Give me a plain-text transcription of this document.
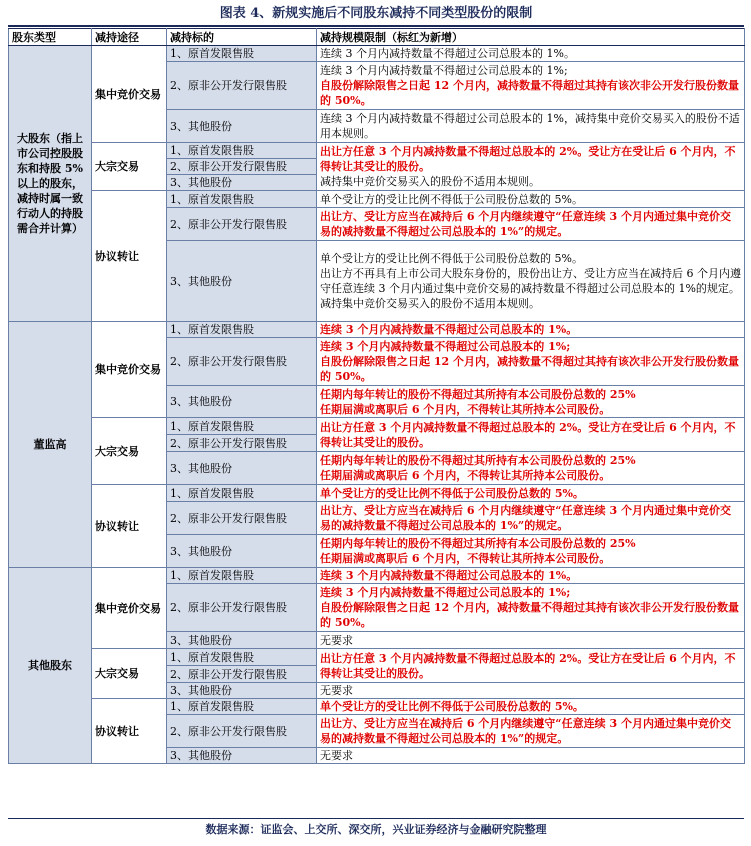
图表 4、新规实施后不同股东减持不同类型股份的限制
股东类型	减持途径	减持标的	减持规模限制（标红为新增）
大股东（指上市公司控股股东和持股 5%以上的股东，减持时属一致行动人的持股需合并计算）	集中竞价交易	1、原首发限售股	连续 3 个月内减持数量不得超过公司总股本的 1%。
		2、原非公开发行限售股	连续 3 个月内减持数量不得超过公司总股本的 1%;
自股份解除限售之日起 12 个月内，减持数量不得超过其持有该次非公开发行股份数量的 50%。

		3、其他股份	连续 3 个月内减持数量不得超过公司总股本的 1%，减持集中竞价交易买入的股份不适用本规则。
	大宗交易	1、原首发限售股	出让方任意 3 个月内减持数量不得超过总股本的 2%。受让方在受让后 6 个月内，不得转让其受让的股份。
减持集中竞价交易买入的股份不适用本规则。

		2、原非公开发行限售股	
		3、其他股份	
	协议转让	1、原首发限售股	单个受让方的受让比例不得低于公司股份总数的 5%。
		2、原非公开发行限售股	出让方、受让方应当在减持后 6 个月内继续遵守“任意连续 3 个月内通过集中竞价交易的减持数量不得超过公司总股本的 1%”的规定。
		3、其他股份	单个受让方的受让比例不得低于公司股份总数的 5%。
出让方不再具有上市公司大股东身份的，股份出让方、受让方应当在减持后 6 个月内遵守任意连续 3 个月内通过集中竞价交易的减持数量不得超过公司总股本的 1%的规定。
减持集中竞价交易买入的股份不适用本规则。

董监高	集中竞价交易	1、原首发限售股	连续 3 个月内减持数量不得超过公司总股本的 1%。
		2、原非公开发行限售股	连续 3 个月内减持数量不得超过公司总股本的 1%;
自股份解除限售之日起 12 个月内，减持数量不得超过其持有该次非公开发行股份数量的 50%。

		3、其他股份	任期内每年转让的股份不得超过其所持有本公司股份总数的 25%
任期届满或离职后 6 个月内，不得转让其所持本公司股份。

	大宗交易	1、原首发限售股	出让方任意 3 个月内减持数量不得超过总股本的 2%。受让方在受让后 6 个月内，不得转让其受让的股份。
		2、原非公开发行限售股	
		3、其他股份	任期内每年转让的股份不得超过其所持有本公司股份总数的 25%
任期届满或离职后 6 个月内，不得转让其所持本公司股份。

	协议转让	1、原首发限售股	单个受让方的受让比例不得低于公司股份总数的 5%。
		2、原非公开发行限售股	出让方、受让方应当在减持后 6 个月内继续遵守“任意连续 3 个月内通过集中竞价交易的减持数量不得超过公司总股本的 1%”的规定。
		3、其他股份	任期内每年转让的股份不得超过其所持有本公司股份总数的 25%
任期届满或离职后 6 个月内，不得转让其所持本公司股份。

其他股东	集中竞价交易	1、原首发限售股	连续 3 个月内减持数量不得超过公司总股本的 1%。
		2、原非公开发行限售股	连续 3 个月内减持数量不得超过公司总股本的 1%;
自股份解除限售之日起 12 个月内，减持数量不得超过其持有该次非公开发行股份数量的 50%。

		3、其他股份	无要求
	大宗交易	1、原首发限售股	出让方任意 3 个月内减持数量不得超过总股本的 2%。受让方在受让后 6 个月内，不得转让其受让的股份。
		2、原非公开发行限售股	
		3、其他股份	无要求
	协议转让	1、原首发限售股	单个受让方的受让比例不得低于公司股份总数的 5%。
		2、原非公开发行限售股	出让方、受让方应当在减持后 6 个月内继续遵守“任意连续 3 个月内通过集中竞价交易的减持数量不得超过公司总股本的 1%”的规定。
		3、其他股份	无要求
数据来源：证监会、上交所、深交所，兴业证券经济与金融研究院整理
